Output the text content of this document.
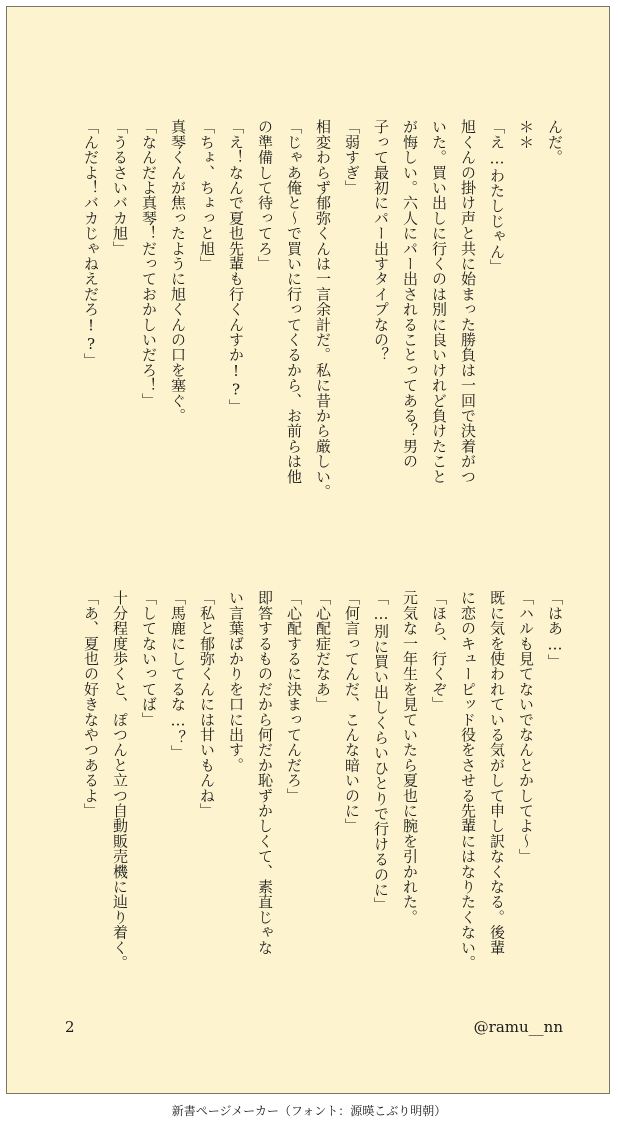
んだ。
＊＊
「え…わたしじゃん」
旭くんの掛け声と共に始まった勝負は一回で決着がつ
いた。買い出しに行くのは別に良いけれど負けたこと
が悔しい。六人にパー出されることってある？男の
子って最初にパー出すタイプなの？
「弱すぎ」
相変わらず郁弥くんは一言余計だ。私に昔から厳しい。
「じゃあ俺と〜で買いに行ってくるから、お前らは他
の準備して待ってろ」
「え！なんで夏也先輩も行くんすか!?」
「ちょ、ちょっと旭」
真琴くんが焦ったように旭くんの口を塞ぐ。
「なんだよ真琴！だっておかしいだろ！」
「うるさいバカ旭」
「んだよ！バカじゃねえだろ!?」
「はあ…」
「ハルも見てないでなんとかしてよ〜」
既に気を使われている気がして申し訳なくなる。後輩
に恋のキューピッド役をさせる先輩にはなりたくない。
「ほら、行くぞ」
元気な一年生を見ていたら夏也に腕を引かれた。
「…別に買い出しくらいひとりで行けるのに」
「何言ってんだ、こんな暗いのに」
「心配症だなあ」
「心配するに決まってんだろ」
即答するものだから何だか恥ずかしくて、素直じゃな
い言葉ばかりを口に出す。
「私と郁弥くんには甘いもんね」
「馬鹿にしてるな…？」
「してないってば」
十分程度歩くと、ぽつんと立つ自動販売機に辿り着く。
「あ、夏也の好きなやつあるよ」
2	@ramu__nn
新書ページメーカー（フォント：源暎こぶり明朝）
